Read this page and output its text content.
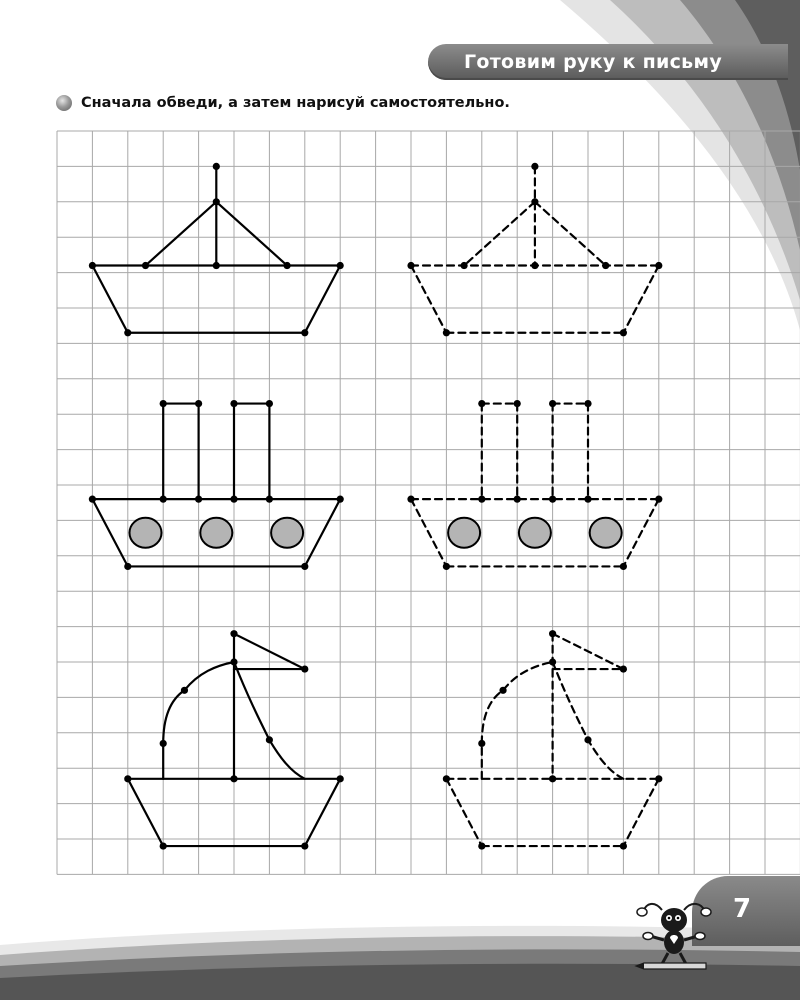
Готовим руку к письму
Сначала обведи, а затем нарисуй самостоятельно.
7
